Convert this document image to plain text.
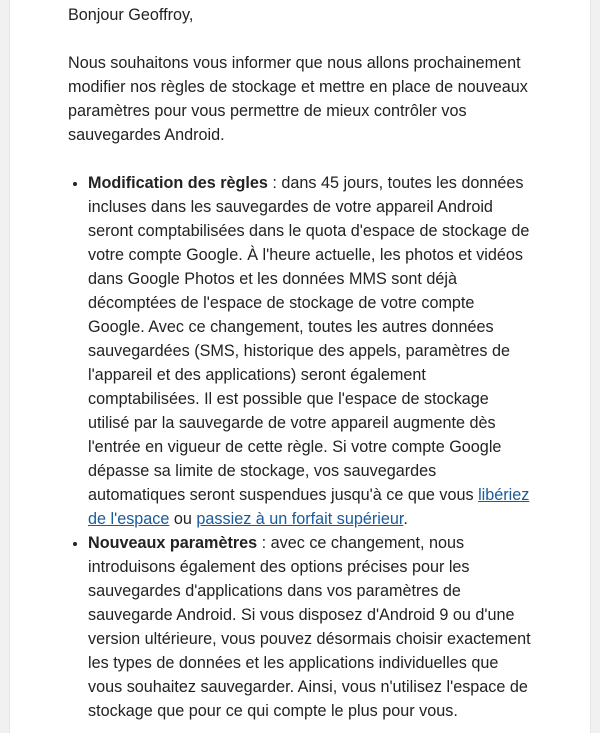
Bonjour Geoffroy,

Nous souhaitons vous informer que nous allons prochainement modifier nos règles de stockage et mettre en place de nouveaux paramètres pour vous permettre de mieux contrôler vos sauvegardes Android.

• Modification des règles : dans 45 jours, toutes les données incluses dans les sauvegardes de votre appareil Android seront comptabilisées dans le quota d'espace de stockage de votre compte Google. À l'heure actuelle, les photos et vidéos dans Google Photos et les données MMS sont déjà décomptées de l'espace de stockage de votre compte Google. Avec ce changement, toutes les autres données sauvegardées (SMS, historique des appels, paramètres de l'appareil et des applications) seront également comptabilisées. Il est possible que l'espace de stockage utilisé par la sauvegarde de votre appareil augmente dès l'entrée en vigueur de cette règle. Si votre compte Google dépasse sa limite de stockage, vos sauvegardes automatiques seront suspendues jusqu'à ce que vous libériez de l'espace ou passiez à un forfait supérieur.
• Nouveaux paramètres : avec ce changement, nous introduisons également des options précises pour les sauvegardes d'applications dans vos paramètres de sauvegarde Android. Si vous disposez d'Android 9 ou d'une version ultérieure, vous pouvez désormais choisir exactement les types de données et les applications individuelles que vous souhaitez sauvegarder. Ainsi, vous n'utilisez l'espace de stockage que pour ce qui compte le plus pour vous.
